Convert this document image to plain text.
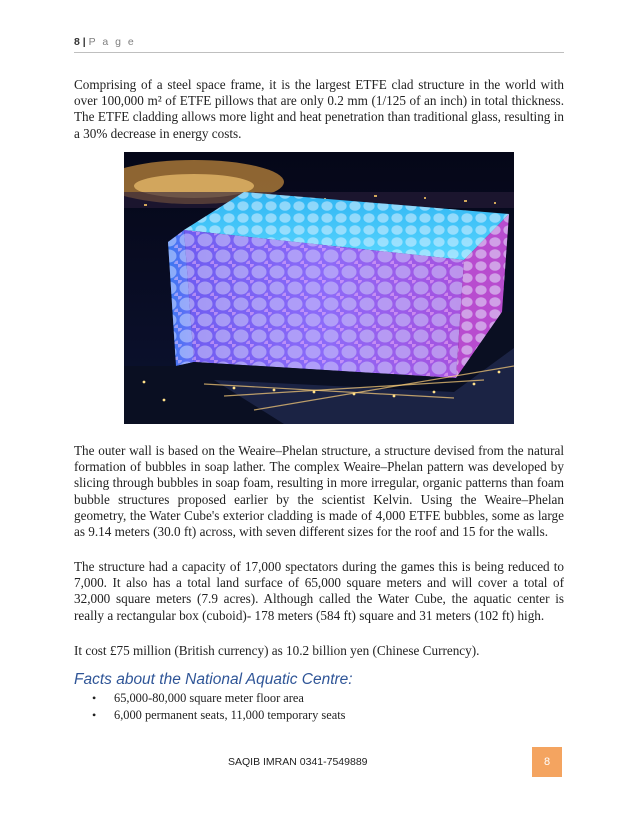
8 | P a g e

Comprising of a steel space frame, it is the largest ETFE clad structure in the world with over 100,000 m² of ETFE pillows that are only 0.2 mm (1/125 of an inch) in total thickness. The ETFE cladding allows more light and heat penetration than traditional glass, resulting in a 30% decrease in energy costs.

The outer wall is based on the Weaire–Phelan structure, a structure devised from the natural formation of bubbles in soap lather. The complex Weaire–Phelan pattern was developed by slicing through bubbles in soap foam, resulting in more irregular, organic patterns than foam bubble structures proposed earlier by the scientist Kelvin. Using the Weaire–Phelan geometry, the Water Cube's exterior cladding is made of 4,000 ETFE bubbles, some as large as 9.14 meters (30.0 ft) across, with seven different sizes for the roof and 15 for the walls.

The structure had a capacity of 17,000 spectators during the games this is being reduced to 7,000. It also has a total land surface of 65,000 square meters and will cover a total of 32,000 square meters (7.9 acres). Although called the Water Cube, the aquatic center is really a rectangular box (cuboid)- 178 meters (584 ft) square and 31 meters (102 ft) high.

It cost £75 million (British currency) as 10.2 billion yen (Chinese Currency).

Facts about the National Aquatic Centre:
• 65,000-80,000 square meter floor area
• 6,000 permanent seats, 11,000 temporary seats
SAQIB IMRAN 0341-7549889	8
